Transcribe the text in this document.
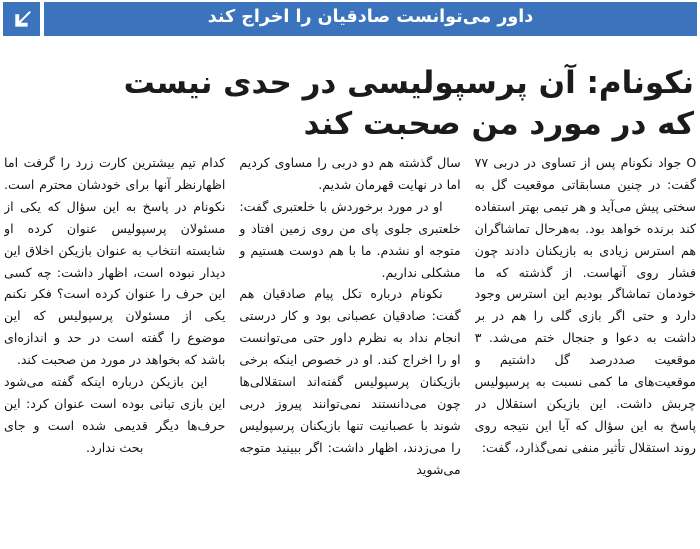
داور می‌توانست صادقیان را اخراج کند
نکونام: آن پرسپولیسی در حدی نیست
که در مورد من صحبت کند

O جواد نکونام پس از تساوی در دربی ۷۷ گفت: در چنین مسابقاتی موقعیت گل به سختی پیش می‌آید و هر تیمی بهتر استفاده کند برنده خواهد بود. به‌هر‌حال تماشاگران هم استرس زیادی به بازیکنان دادند چون فشار روی آنهاست. از گذشته که ما خودمان تماشاگر بودیم این استرس وجود دارد و حتی اگر بازی گلی را هم در بر داشت به دعوا و جنجال ختم می‌شد. ۳ موقعیت صددرصد گل داشتیم و موقعیت‌های ما کمی نسبت به پرسپولیس چربش داشت. این بازیکن استقلال در پاسخ به این سؤال که آیا این نتیجه روی روند استقلال تأثیر منفی نمی‌گذارد، گفت:

سال گذشته هم دو دربی را مساوی کردیم اما در نهایت قهرمان شدیم.

او در مورد برخوردش با خلعتبری گفت: خلعتبری جلوی پای من روی زمین افتاد و متوجه او نشدم. ما با هم دوست هستیم و مشکلی نداریم.

نکونام درباره تکل پیام صادقیان هم گفت: صادقیان عصبانی بود و کار درستی انجام نداد به نظرم داور حتی می‌توانست او را اخراج کند. او در خصوص اینکه برخی بازیکنان پرسپولیس گفته‌اند استقلالی‌ها چون می‌دانستند نمی‌توانند پیروز دربی شوند با عصبانیت تنها بازیکنان پرسپولیس را می‌زدند، اظهار داشت: اگر ببینید متوجه می‌شوید

کدام تیم بیشترین کارت زرد را گرفت اما اظهار‌نظر آنها برای خودشان محترم است. نکونام در پاسخ به این سؤال که یکی از مسئولان پرسپولیس عنوان کرده او شایسته انتخاب به عنوان بازیکن اخلاق این دیدار نبوده است، اظهار داشت: چه کسی این حرف را عنوان کرده است؟ فکر نکنم یکی از مسئولان پرسپولیس که این موضوع را گفته است در حد و اندازه‌ای باشد که بخواهد در مورد من صحبت کند.

این بازیکن درباره اینکه گفته می‌شود این بازی تبانی بوده است عنوان کرد: این حرف‌ها دیگر قدیمی شده است و جای بحث ندارد.
